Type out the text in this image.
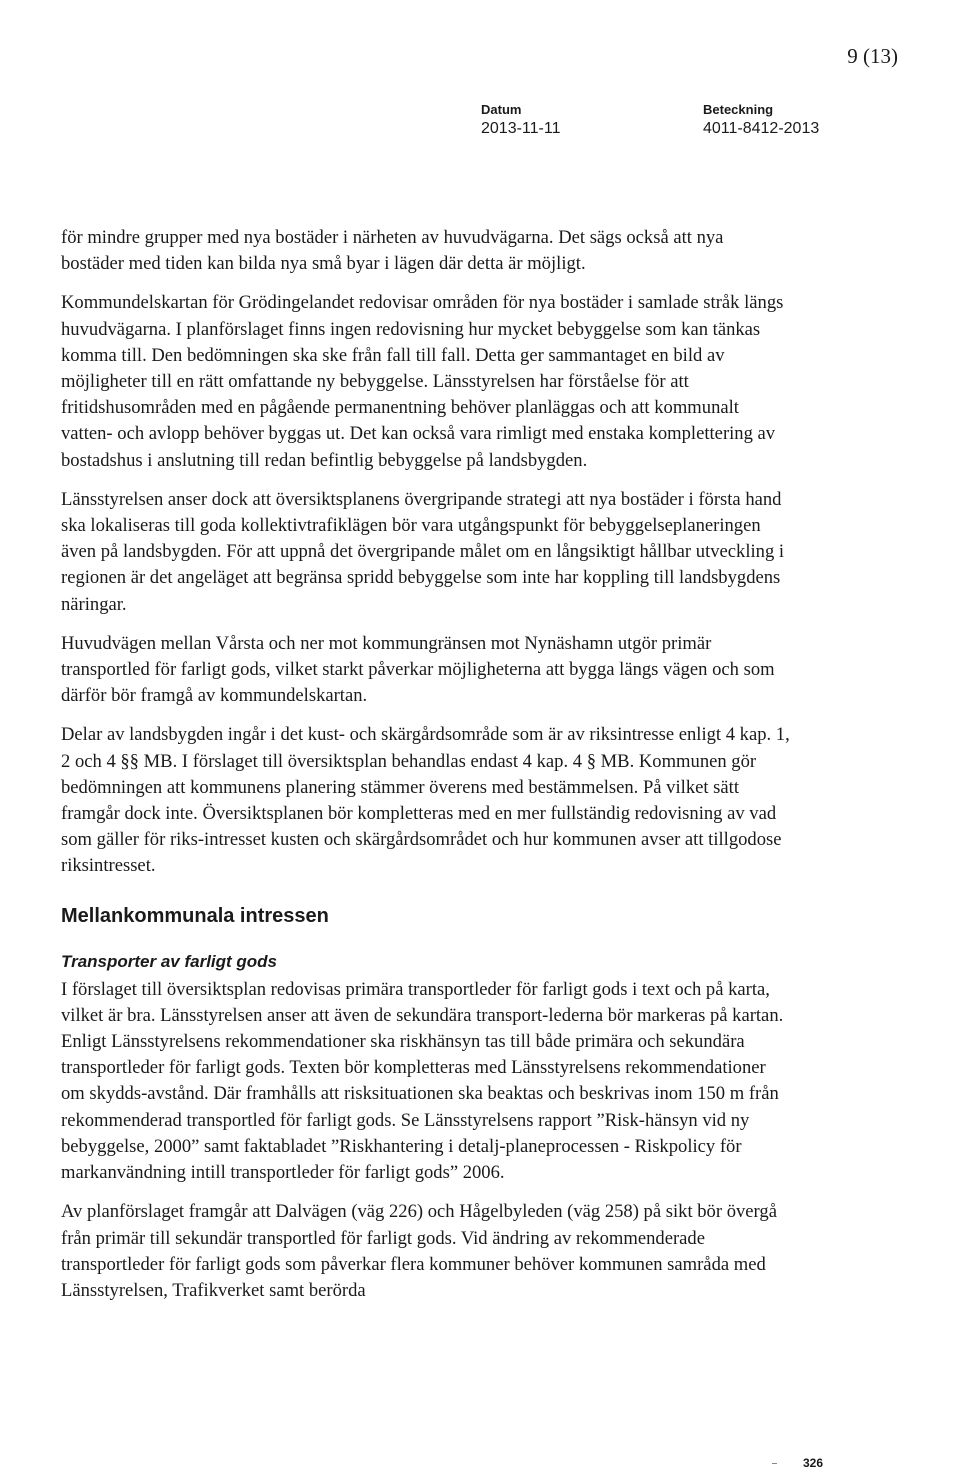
9 (13)
Datum
2013-11-11
Beteckning
4011-8412-2013

för mindre grupper med nya bostäder i närheten av huvudvägarna. Det sägs också att nya bostäder med tiden kan bilda nya små byar i lägen där detta är möjligt.

Kommundelskartan för Grödingelandet redovisar områden för nya bostäder i samlade stråk längs huvudvägarna. I planförslaget finns ingen redovisning hur mycket bebyggelse som kan tänkas komma till. Den bedömningen ska ske från fall till fall. Detta ger sammantaget en bild av möjligheter till en rätt omfattande ny bebyggelse. Länsstyrelsen har förståelse för att fritidshusområden med en pågående permanentning behöver planläggas och att kommunalt vatten- och avlopp behöver byggas ut. Det kan också vara rimligt med enstaka komplettering av bostadshus i anslutning till redan befintlig bebyggelse på landsbygden.

Länsstyrelsen anser dock att översiktsplanens övergripande strategi att nya bostäder i första hand ska lokaliseras till goda kollektivtrafiklägen bör vara utgångspunkt för bebyggelseplaneringen även på landsbygden. För att uppnå det övergripande målet om en långsiktigt hållbar utveckling i regionen är det angeläget att begränsa spridd bebyggelse som inte har koppling till landsbygdens näringar.

Huvudvägen mellan Vårsta och ner mot kommungränsen mot Nynäshamn utgör primär transportled för farligt gods, vilket starkt påverkar möjligheterna att bygga längs vägen och som därför bör framgå av kommundelskartan.

Delar av landsbygden ingår i det kust- och skärgårdsområde som är av riksintresse enligt 4 kap. 1, 2 och 4 §§ MB. I förslaget till översiktsplan behandlas endast 4 kap. 4 § MB. Kommunen gör bedömningen att kommunens planering stämmer överens med bestämmelsen. På vilket sätt framgår dock inte. Översiktsplanen bör kompletteras med en mer fullständig redovisning av vad som gäller för riks-intresset kusten och skärgårdsområdet och hur kommunen avser att tillgodose riksintresset.

Mellankommunala intressen
Transporter av farligt gods

I förslaget till översiktsplan redovisas primära transportleder för farligt gods i text och på karta, vilket är bra. Länsstyrelsen anser att även de sekundära transport-lederna bör markeras på kartan. Enligt Länsstyrelsens rekommendationer ska riskhänsyn tas till både primära och sekundära transportleder för farligt gods. Texten bör kompletteras med Länsstyrelsens rekommendationer om skydds-avstånd. Där framhålls att risksituationen ska beaktas och beskrivas inom 150 m från rekommenderad transportled för farligt gods. Se Länsstyrelsens rapport ”Risk-hänsyn vid ny bebyggelse, 2000” samt faktabladet ”Riskhantering i detalj-planeprocessen - Riskpolicy för markanvändning intill transportleder för farligt gods” 2006.

Av planförslaget framgår att Dalvägen (väg 226) och Hågelbyleden (väg 258) på sikt bör övergå från primär till sekundär transportled för farligt gods. Vid ändring av rekommenderade transportleder för farligt gods som påverkar flera kommuner behöver kommunen samråda med Länsstyrelsen, Trafikverket samt berörda

326
